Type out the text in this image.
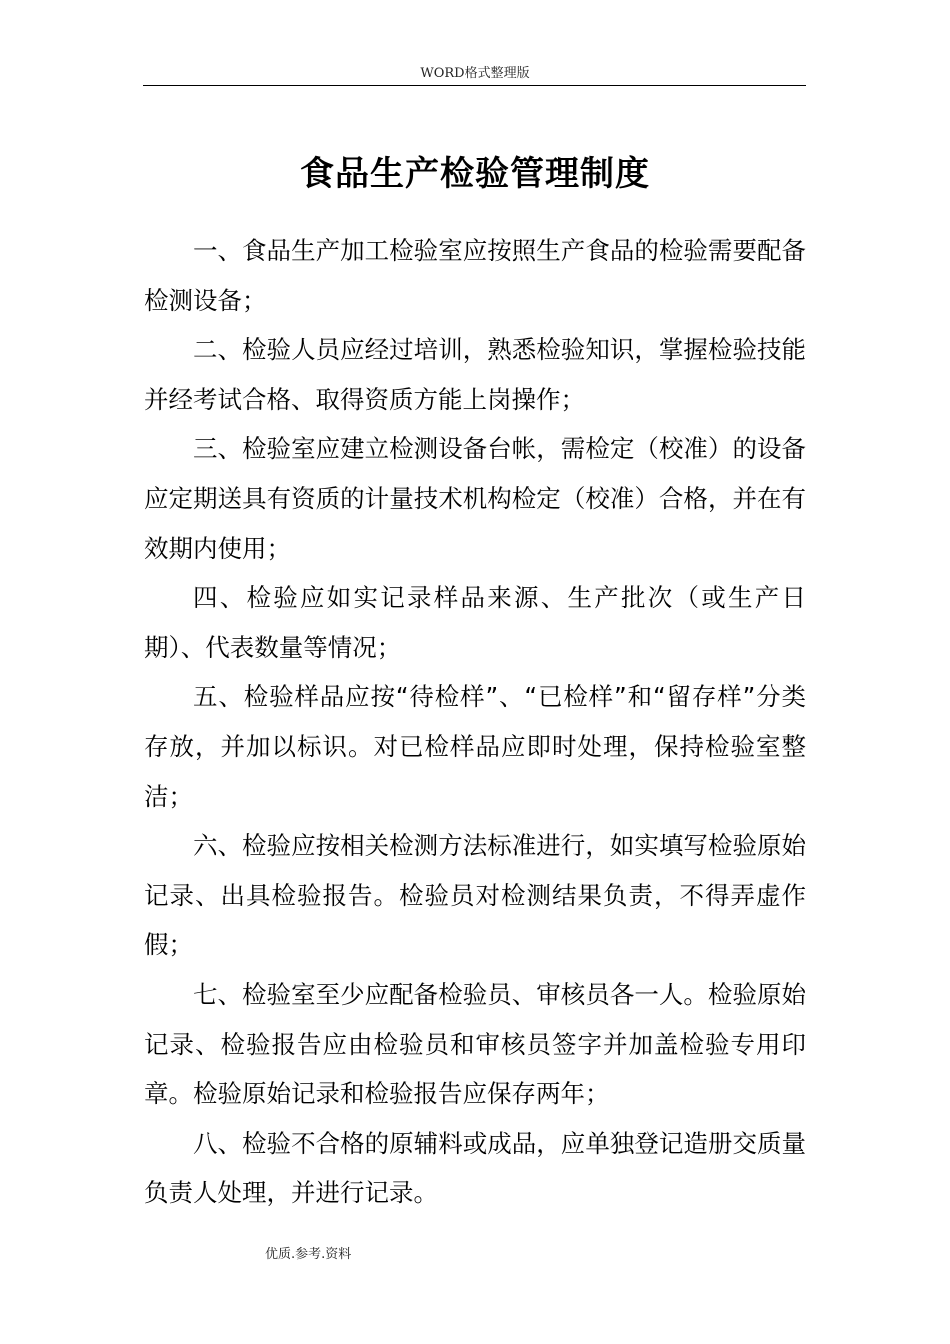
WORD格式整理版
食品生产检验管理制度

一、食品生产加工检验室应按照生产食品的检验需要配备检测设备；

二、检验人员应经过培训，熟悉检验知识，掌握检验技能并经考试合格、取得资质方能上岗操作；

三、检验室应建立检测设备台帐，需检定（校准）的设备应定期送具有资质的计量技术机构检定（校准）合格，并在有效期内使用；

四、检验应如实记录样品来源、生产批次（或生产日期）、代表数量等情况；

五、检验样品应按“待检样”、“已检样”和“留存样”分类存放，并加以标识。对已检样品应即时处理，保持检验室整洁；

六、检验应按相关检测方法标准进行，如实填写检验原始记录、出具检验报告。检验员对检测结果负责，不得弄虚作假；

七、检验室至少应配备检验员、审核员各一人。检验原始记录、检验报告应由检验员和审核员签字并加盖检验专用印章。检验原始记录和检验报告应保存两年；

八、检验不合格的原辅料或成品，应单独登记造册交质量负责人处理，并进行记录。

优质.参考.资料
